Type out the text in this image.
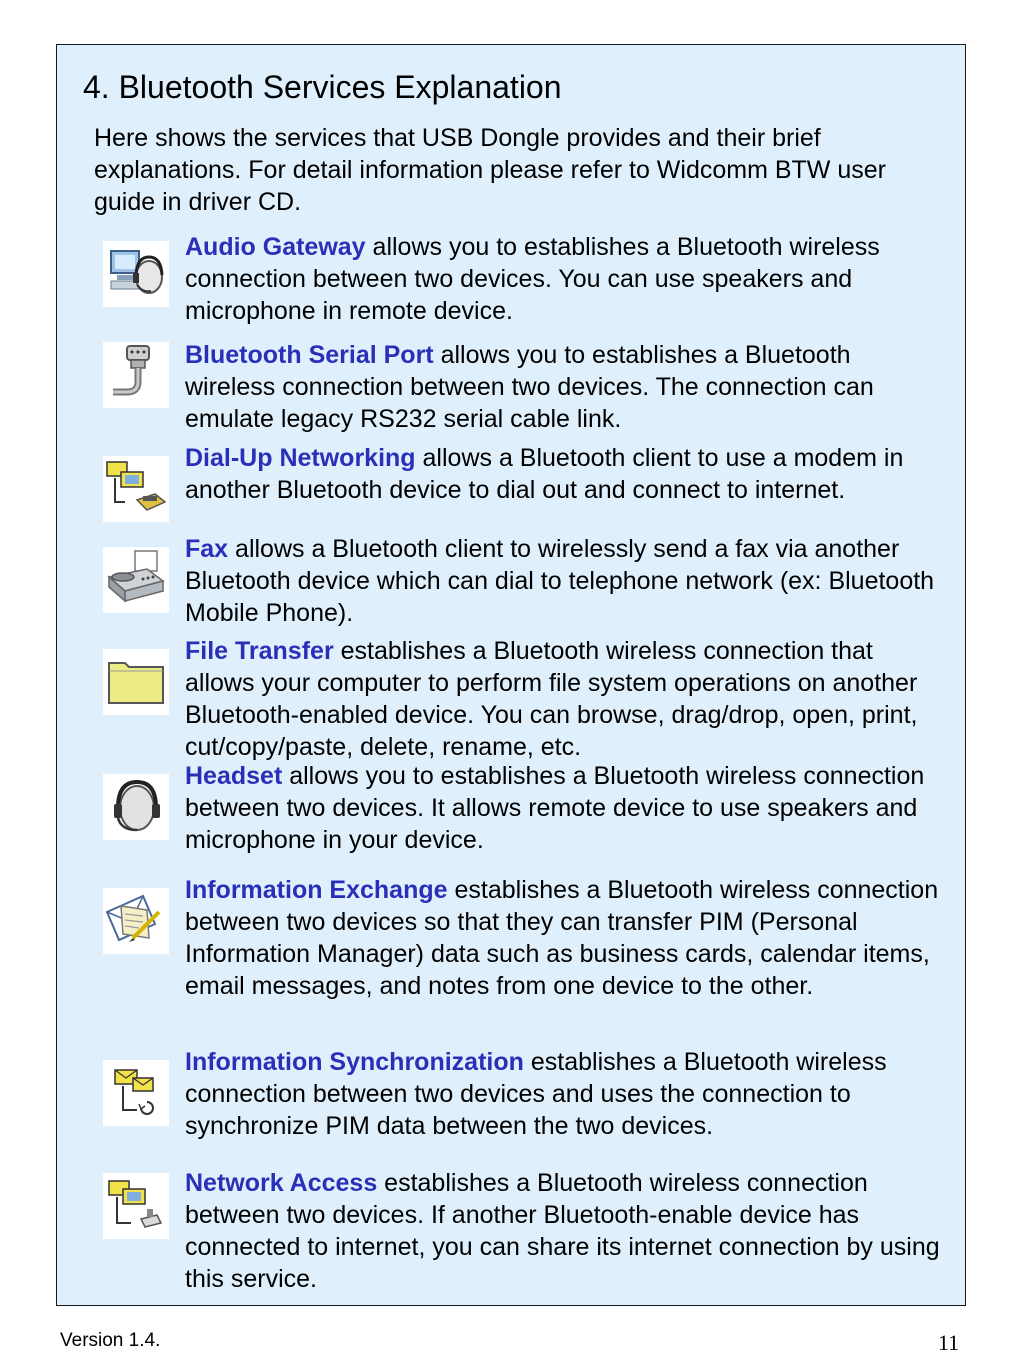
4. Bluetooth Services Explanation
Here shows the services that USB Dongle provides and their brief explanations. For detail information please refer to Widcomm BTW user guide in driver CD.
Audio Gateway allows you to establishes a Bluetooth wireless connection between two devices. You can use speakers and microphone in remote device.
Bluetooth Serial Port allows you to establishes a Bluetooth wireless connection between two devices. The connection can emulate legacy RS232 serial cable link.
Dial-Up Networking allows a Bluetooth client to use a modem in another Bluetooth device to dial out and connect to internet.
Fax allows a Bluetooth client to wirelessly send a fax via another Bluetooth device which can dial to telephone network (ex: Bluetooth Mobile Phone).
File Transfer establishes a Bluetooth wireless connection that allows your computer to perform file system operations on another Bluetooth-enabled device. You can browse, drag/drop, open, print, cut/copy/paste, delete, rename, etc.
Headset allows you to establishes a Bluetooth wireless connection between two devices. It allows remote device to use speakers and microphone in your device.
Information Exchange establishes a Bluetooth wireless connection between two devices so that they can transfer PIM (Personal Information Manager) data such as business cards, calendar items, email messages, and notes from one device to the other.
Information Synchronization establishes a Bluetooth wireless connection between two devices and uses the connection to synchronize PIM data between the two devices.
Network Access establishes a Bluetooth wireless connection between two devices. If another Bluetooth-enable device has connected to internet, you can share its internet connection by using this service.
Version 1.4.	11
